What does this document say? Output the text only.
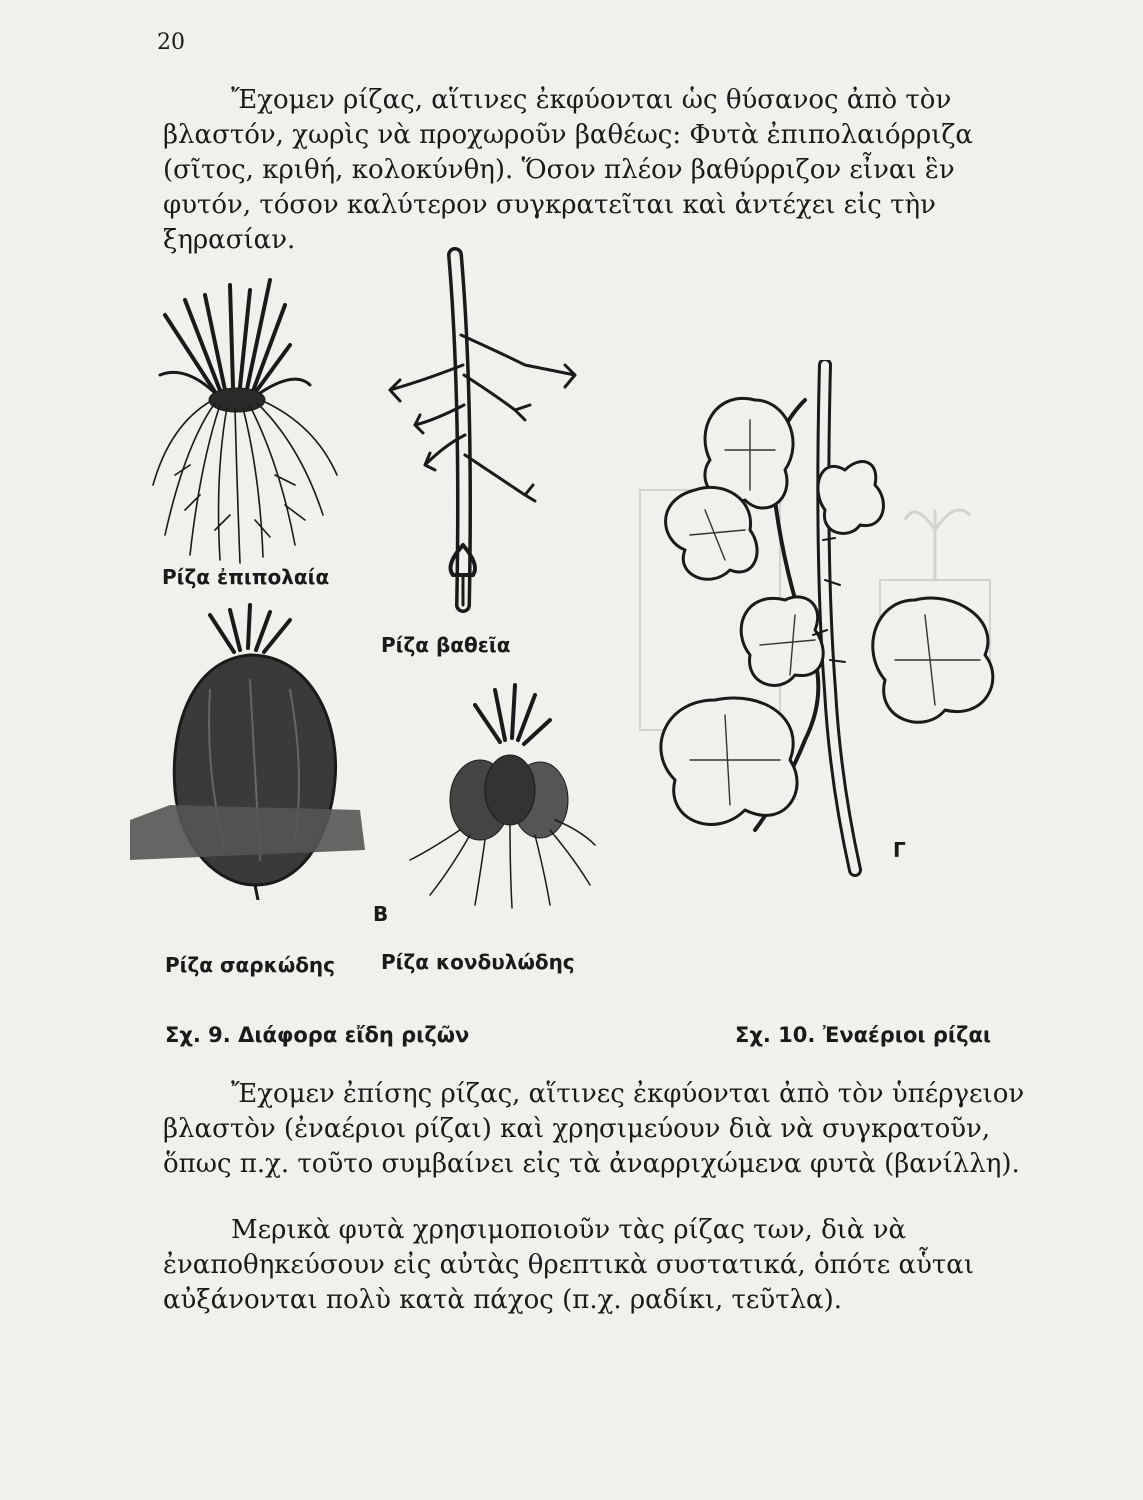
20

Ἔχομεν ρίζας, αἵτινες ἐκφύονται ὡς θύσανος ἀπὸ τὸν βλαστόν, χωρὶς νὰ προχωροῦν βαθέως: Φυτὰ ἐπιπολαιόρριζα (σῖτος, κριθή, κολοκύνθη). Ὅσον πλέον βαθύρριζον εἶναι ἓν φυτόν, τόσον καλύτερον συγκρατεῖται καὶ ἀντέχει εἰς τὴν ξηρασίαν.

Ρίζα ἐπιπολαία
Ρίζα βαθεῖα
Ρίζα σαρκώδης Ρίζα κονδυλώδης
Β
Γ
Σχ. 9. Διάφορα εἴδη ριζῶν	Σχ. 10. Ἐναέριοι ρίζαι

Ἔχομεν ἐπίσης ρίζας, αἵτινες ἐκφύονται ἀπὸ τὸν ὑπέργειον βλαστὸν (ἐναέριοι ρίζαι) καὶ χρησιμεύουν διὰ νὰ συγκρατοῦν, ὅπως π.χ. τοῦτο συμβαίνει εἰς τὰ ἀναρριχώμενα φυτὰ (βανίλλη).

Μερικὰ φυτὰ χρησιμοποιοῦν τὰς ρίζας των, διὰ νὰ ἐναποθηκεύσουν εἰς αὐτὰς θρεπτικὰ συστατικά, ὁπότε αὗται αὐξάνονται πολὺ κατὰ πάχος (π.χ. ραδίκι, τεῦτλα).
